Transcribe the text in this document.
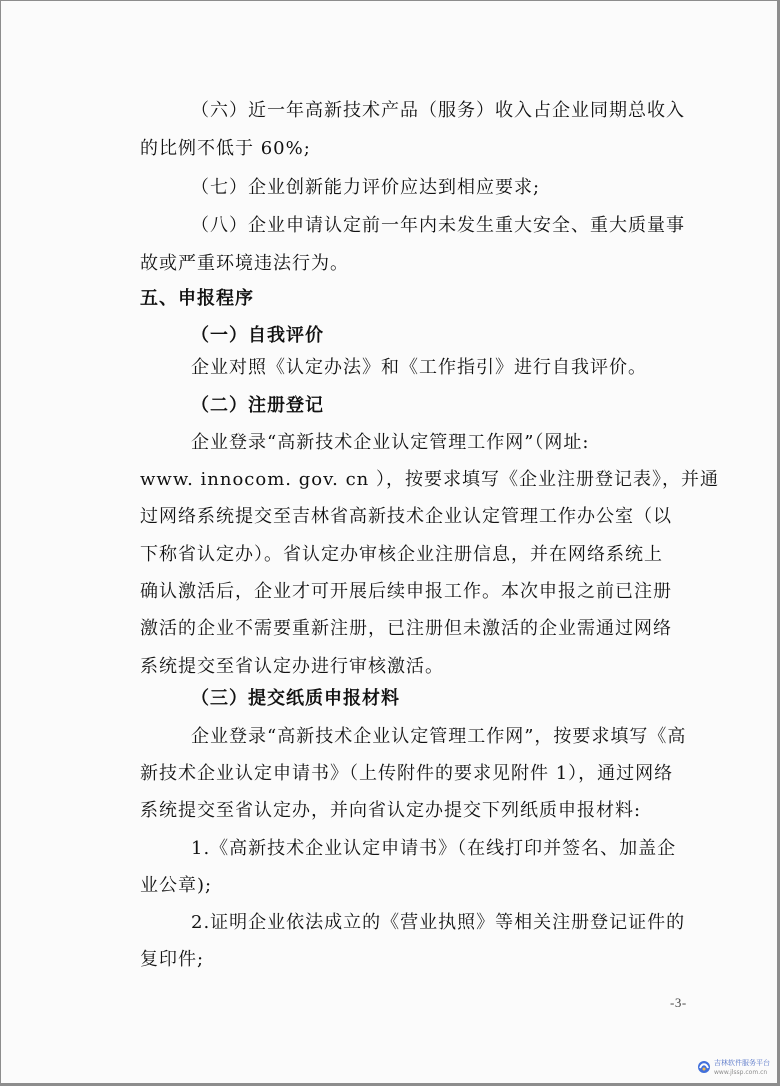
（六）近一年高新技术产品（服务）收入占企业同期总收入

的比例不低于 60%;

（七）企业创新能力评价应达到相应要求;

（八）企业申请认定前一年内未发生重大安全、重大质量事

故或严重环境违法行为。

五、申报程序

（一）自我评价

企业对照《认定办法》和《工作指引》进行自我评价。

（二）注册登记

企业登录“高新技术企业认定管理工作网”（网址:

www. innocom. gov. cn ），按要求填写《企业注册登记表》，并通

过网络系统提交至吉林省高新技术企业认定管理工作办公室（以

下称省认定办）。省认定办审核企业注册信息，并在网络系统上

确认激活后，企业才可开展后续申报工作。本次申报之前已注册

激活的企业不需要重新注册，已注册但未激活的企业需通过网络

系统提交至省认定办进行审核激活。

（三）提交纸质申报材料

企业登录“高新技术企业认定管理工作网”，按要求填写《高

新技术企业认定申请书》（上传附件的要求见附件 1），通过网络

系统提交至省认定办，并向省认定办提交下列纸质申报材料:

1.《高新技术企业认定申请书》（在线打印并签名、加盖企

业公章);

2.证明企业依法成立的《营业执照》等相关注册登记证件的

复印件;

-3-
吉林软件服务平台
www.jlssp.com.cn
